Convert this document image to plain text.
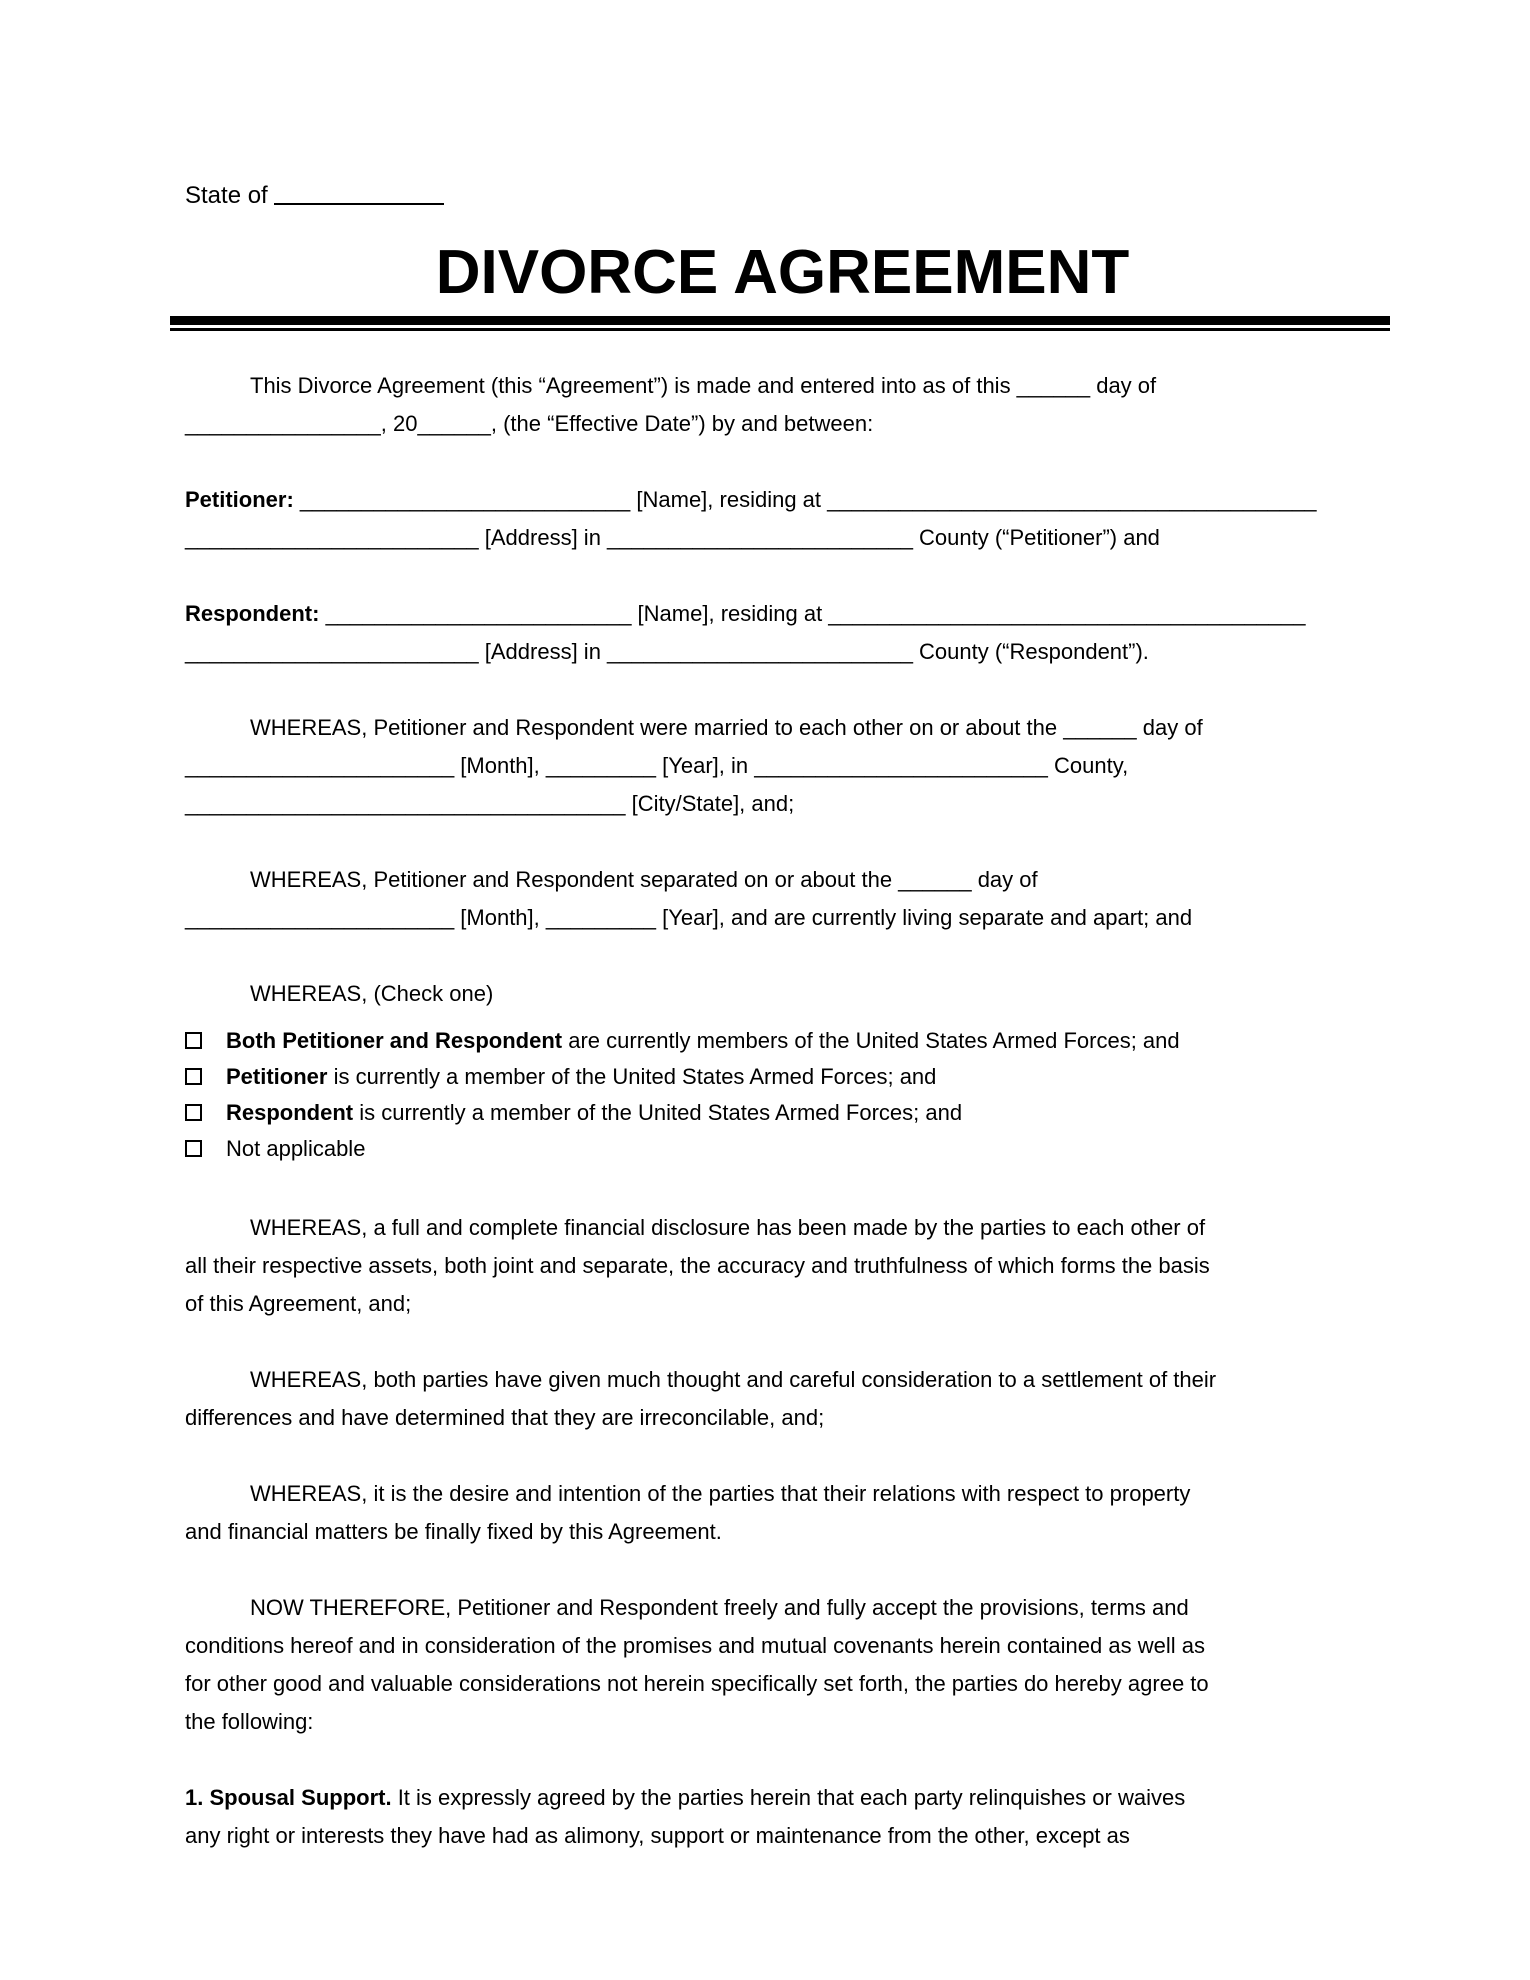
State of

DIVORCE AGREEMENT
This Divorce Agreement (this “Agreement”) is made and entered into as of this ______ day of
________________, 20______, (the “Effective Date”) by and between:
Petitioner: ___________________________ [Name], residing at ________________________________________
________________________ [Address] in _________________________ County (“Petitioner”) and
Respondent: _________________________ [Name], residing at _______________________________________
________________________ [Address] in _________________________ County (“Respondent”).
WHEREAS, Petitioner and Respondent were married to each other on or about the ______ day of
______________________ [Month], _________ [Year], in ________________________ County,
____________________________________ [City/State], and;
WHEREAS, Petitioner and Respondent separated on or about the ______ day of
______________________ [Month], _________ [Year], and are currently living separate and apart; and
WHEREAS, (Check one)
Both Petitioner and Respondent are currently members of the United States Armed Forces; and
Petitioner is currently a member of the United States Armed Forces; and
Respondent is currently a member of the United States Armed Forces; and
Not applicable
WHEREAS, a full and complete financial disclosure has been made by the parties to each other of
all their respective assets, both joint and separate, the accuracy and truthfulness of which forms the basis
of this Agreement, and;
WHEREAS, both parties have given much thought and careful consideration to a settlement of their
differences and have determined that they are irreconcilable, and;
WHEREAS, it is the desire and intention of the parties that their relations with respect to property
and financial matters be finally fixed by this Agreement.
NOW THEREFORE, Petitioner and Respondent freely and fully accept the provisions, terms and
conditions hereof and in consideration of the promises and mutual covenants herein contained as well as
for other good and valuable considerations not herein specifically set forth, the parties do hereby agree to
the following:
1. Spousal Support. It is expressly agreed by the parties herein that each party relinquishes or waives
any right or interests they have had as alimony, support or maintenance from the other, except as
